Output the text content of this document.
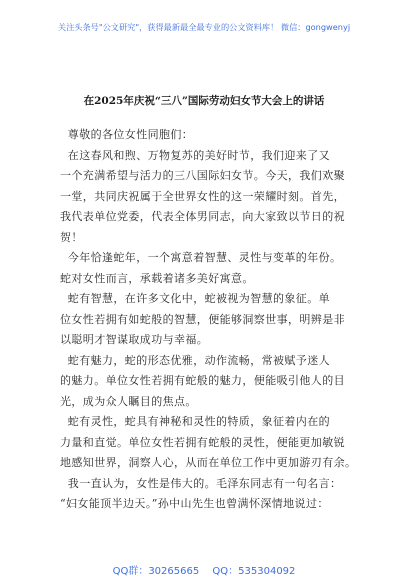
关注头条号"公文研究"，获得最新最全最专业的公文资料库！ 微信：gongwenyj
在2025年庆祝“三八”国际劳动妇女节大会上的讲话
尊敬的各位女性同胞们：
在这春风和煦、万物复苏的美好时节，我们迎来了又
一个充满希望与活力的三八国际妇女节。今天，我们欢聚
一堂，共同庆祝属于全世界女性的这一荣耀时刻。首先，
我代表单位党委，代表全体男同志，向大家致以节日的祝
贺！
今年恰逢蛇年，一个寓意着智慧、灵性与变革的年份。
蛇对女性而言，承载着诸多美好寓意。
蛇有智慧，在许多文化中，蛇被视为智慧的象征。单
位女性若拥有如蛇般的智慧，便能够洞察世事，明辨是非
以聪明才智谋取成功与幸福。
蛇有魅力，蛇的形态优雅，动作流畅，常被赋予迷人
的魅力。单位女性若拥有蛇般的魅力，便能吸引他人的目
光，成为众人瞩目的焦点。
蛇有灵性，蛇具有神秘和灵性的特质，象征着内在的
力量和直觉。单位女性若拥有蛇般的灵性，便能更加敏锐
地感知世界，洞察人心，从而在单位工作中更加游刃有余。
我一直认为，女性是伟大的。毛泽东同志有一句名言：
“妇女能顶半边天。”孙中山先生也曾满怀深情地说过：
QQ群：30265665 QQ：535304092
